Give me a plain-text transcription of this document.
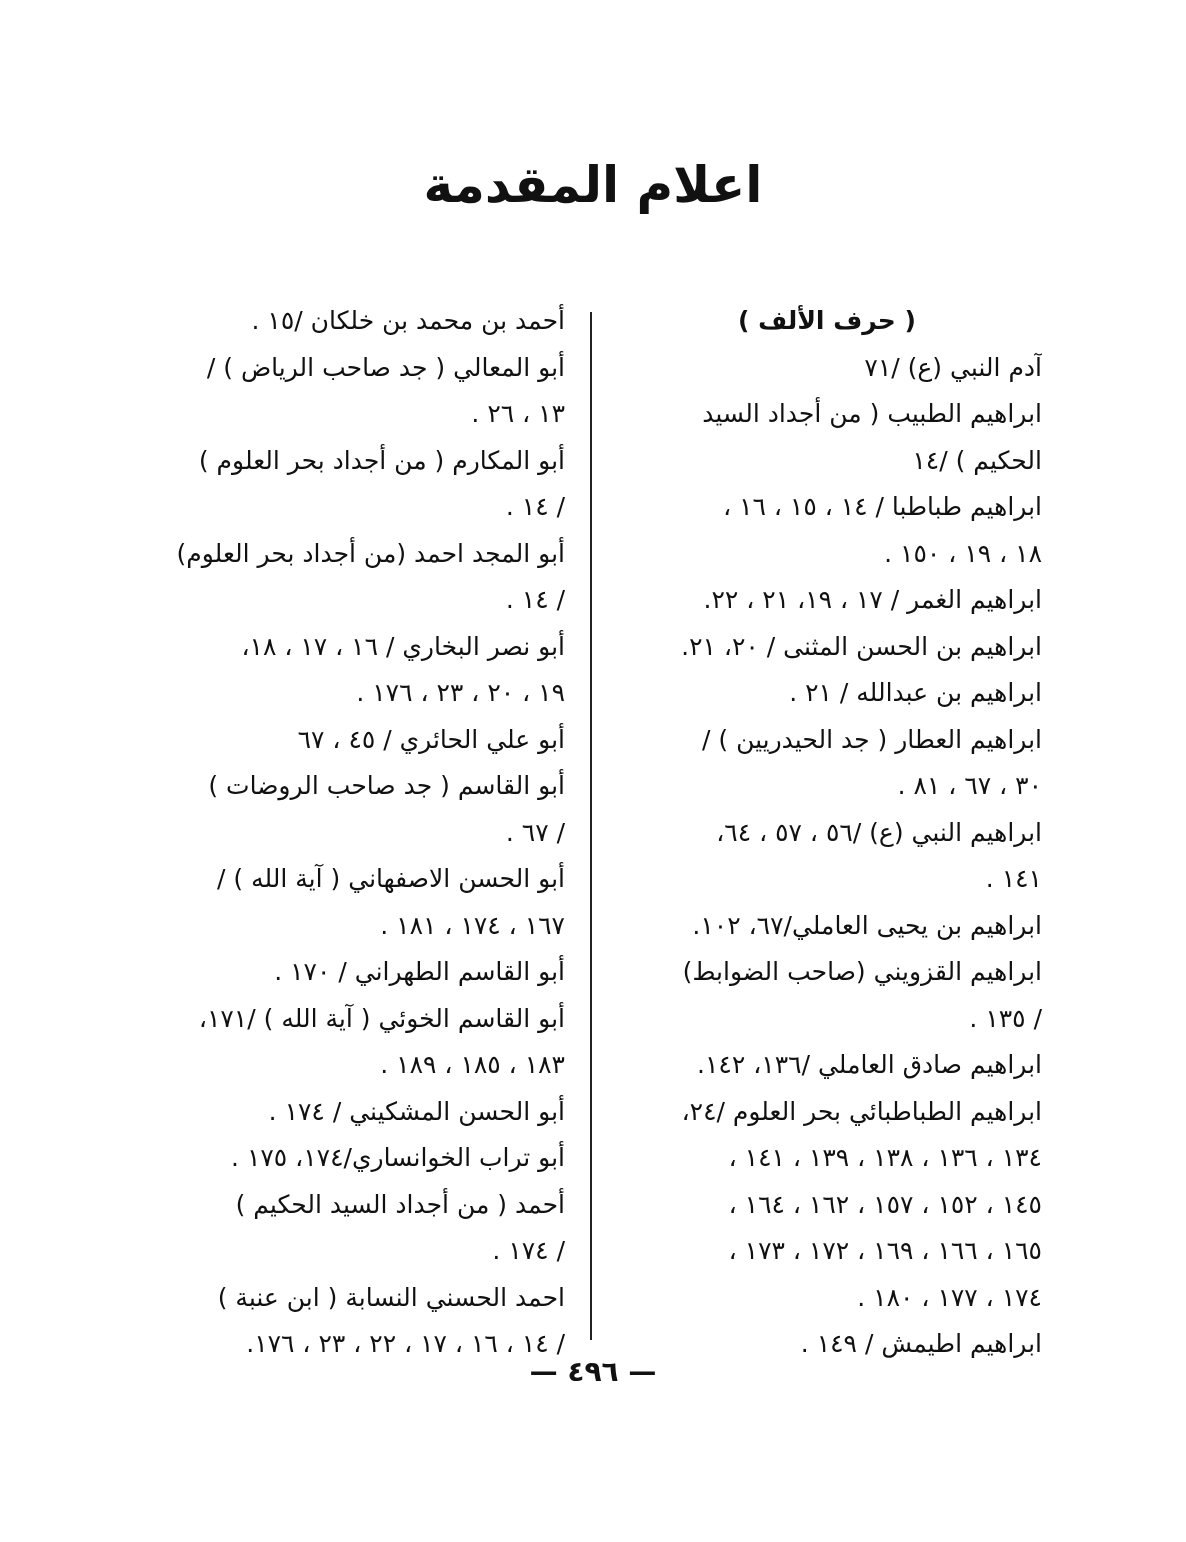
اعلام المقدمة
( حرف الألف )
آدم النبي (ع) /٧١
ابراهيم الطبيب ( من أجداد السيد
الحكيم ) /١٤
ابراهيم طباطبا / ١٤ ، ١٥ ، ١٦ ،
١٨ ، ١٩ ، ١٥٠ .
ابراهيم الغمر / ١٧ ، ١٩، ٢١ ، ٢٢.
ابراهيم بن الحسن المثنى / ٢٠، ٢١.
ابراهيم بن عبدالله / ٢١ .
ابراهيم العطار ( جد الحيدريين ) /
٣٠ ، ٦٧ ، ٨١ .
ابراهيم النبي (ع) /٥٦ ، ٥٧ ، ٦٤،
١٤١ .
ابراهيم بن يحيى العاملي/٦٧، ١٠٢.
ابراهيم القزويني (صاحب الضوابط)
/ ١٣٥ .
ابراهيم صادق العاملي /١٣٦، ١٤٢.
ابراهيم الطباطبائي بحر العلوم /٢٤،
١٣٤ ، ١٣٦ ، ١٣٨ ، ١٣٩ ، ١٤١ ،
١٤٥ ، ١٥٢ ، ١٥٧ ، ١٦٢ ، ١٦٤ ،
١٦٥ ، ١٦٦ ، ١٦٩ ، ١٧٢ ، ١٧٣ ،
١٧٤ ، ١٧٧ ، ١٨٠ .
ابراهيم اطيمش / ١٤٩ .
أحمد بن محمد بن خلكان /١٥ .
أبو المعالي ( جد صاحب الرياض ) /
١٣ ، ٢٦ .
أبو المكارم ( من أجداد بحر العلوم )
/ ١٤ .
أبو المجد احمد (من أجداد بحر العلوم)
/ ١٤ .
أبو نصر البخاري / ١٦ ، ١٧ ، ١٨،
١٩ ، ٢٠ ، ٢٣ ، ١٧٦ .
أبو علي الحائري / ٤٥ ، ٦٧
أبو القاسم ( جد صاحب الروضات )
/ ٦٧ .
أبو الحسن الاصفهاني ( آية الله ) /
١٦٧ ، ١٧٤ ، ١٨١ .
أبو القاسم الطهراني / ١٧٠ .
أبو القاسم الخوئي ( آية الله ) /١٧١،
١٨٣ ، ١٨٥ ، ١٨٩ .
أبو الحسن المشكيني / ١٧٤ .
أبو تراب الخوانساري/١٧٤، ١٧٥ .
أحمد ( من أجداد السيد الحكيم )
/ ١٧٤ .
احمد الحسني النسابة ( ابن عنبة )
/ ١٤ ، ١٦ ، ١٧ ، ٢٢ ، ٢٣ ، ١٧٦.
— ٤٩٦ —
